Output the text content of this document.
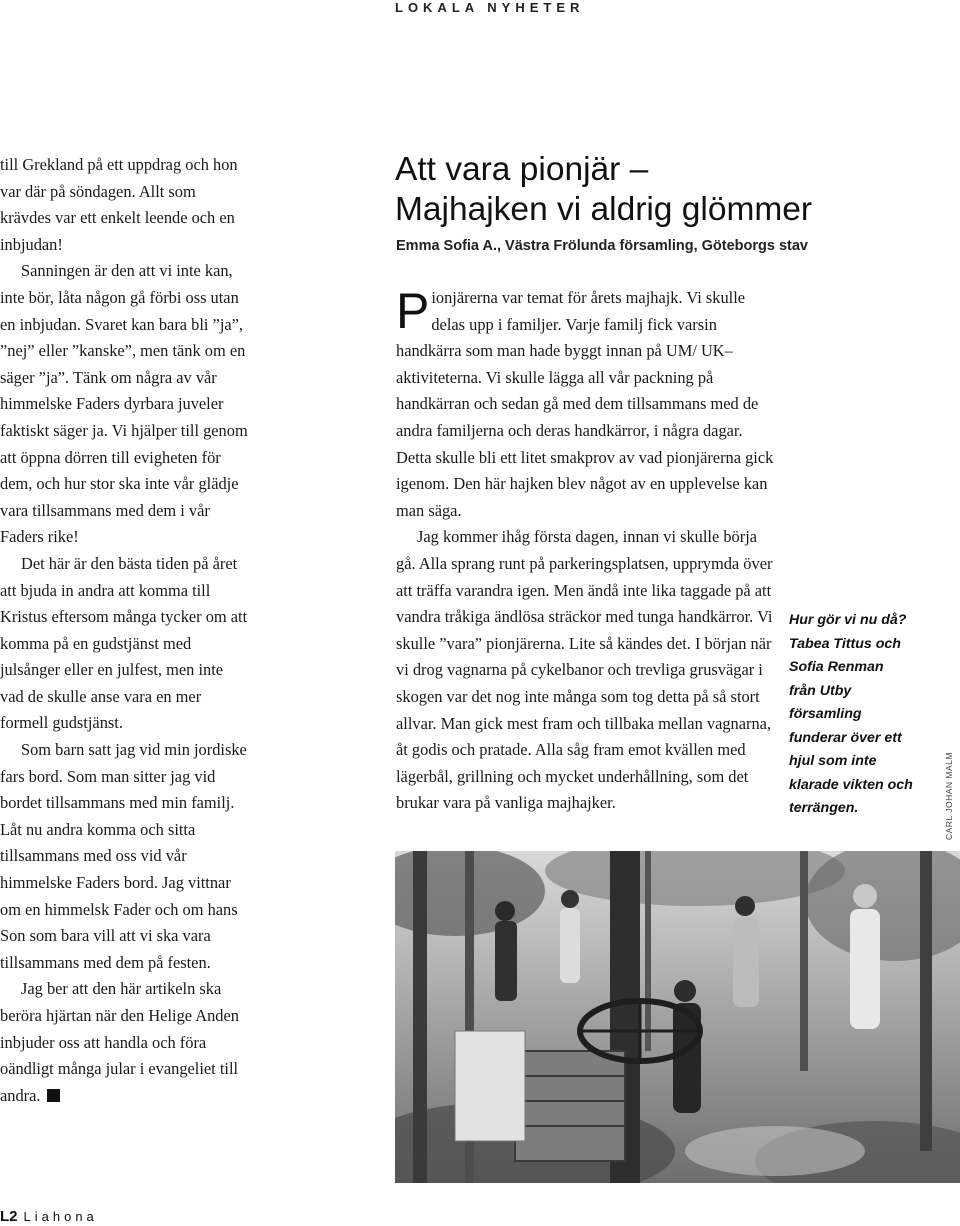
LOKALA NYHETER

till Grekland på ett uppdrag och hon var där på söndagen. Allt som krävdes var ett enkelt leende och en inbjudan!

Sanningen är den att vi inte kan, inte bör, låta någon gå förbi oss utan en inbjudan. Svaret kan bara bli ”ja”, ”nej” eller ”kanske”, men tänk om en säger ”ja”. Tänk om några av vår himmelske Faders dyrbara juveler faktiskt säger ja. Vi hjälper till genom att öppna dörren till evigheten för dem, och hur stor ska inte vår glädje vara tillsammans med dem i vår Faders rike!

Det här är den bästa tiden på året att bjuda in andra att komma till Kristus eftersom många tycker om att komma på en gudstjänst med julsånger eller en julfest, men inte vad de skulle anse vara en mer formell gudstjänst.

Som barn satt jag vid min jordiske fars bord. Som man sitter jag vid bordet tillsammans med min familj. Låt nu andra komma och sitta tillsammans med oss vid vår himmelske Faders bord. Jag vittnar om en himmelsk Fader och om hans Son som bara vill att vi ska vara tillsammans med dem på festen.

Jag ber att den här artikeln ska beröra hjärtan när den Helige Anden inbjuder oss att handla och föra oändligt många jular i evangeliet till andra.

Att vara pionjär –
Majhajken vi aldrig glömmer
Emma Sofia A., Västra Frölunda församling, Göteborgs stav

Pionjärerna var temat för årets majhajk. Vi skulle delas upp i familjer. Varje familj fick varsin handkärra som man hade byggt innan på UM/ UK–aktiviteterna. Vi skulle lägga all vår packning på handkärran och sedan gå med dem tillsammans med de andra familjerna och deras handkärror, i några dagar. Detta skulle bli ett litet smakprov av vad pionjärerna gick igenom. Den här hajken blev något av en upplevelse kan man säga.

Jag kommer ihåg första dagen, innan vi skulle börja gå. Alla sprang runt på parkeringsplatsen, upprymda över att träffa varandra igen. Men ändå inte lika taggade på att vandra tråkiga ändlösa sträckor med tunga handkärror. Vi skulle ”vara” pionjärerna. Lite så kändes det. I början när vi drog vagnarna på cykelbanor och trevliga grusvägar i skogen var det nog inte många som tog detta på så stort allvar. Man gick mest fram och tillbaka mellan vagnarna, åt godis och pratade. Alla såg fram emot kvällen med lägerbål, grillning och mycket underhållning, som det brukar vara på vanliga majhajker.

Hur gör vi nu då? Tabea Tittus och Sofia Renman från Utby församling funderar över ett hjul som inte klarade vikten och terrängen.	CARL JOHAN MALM
L2 Liahona
